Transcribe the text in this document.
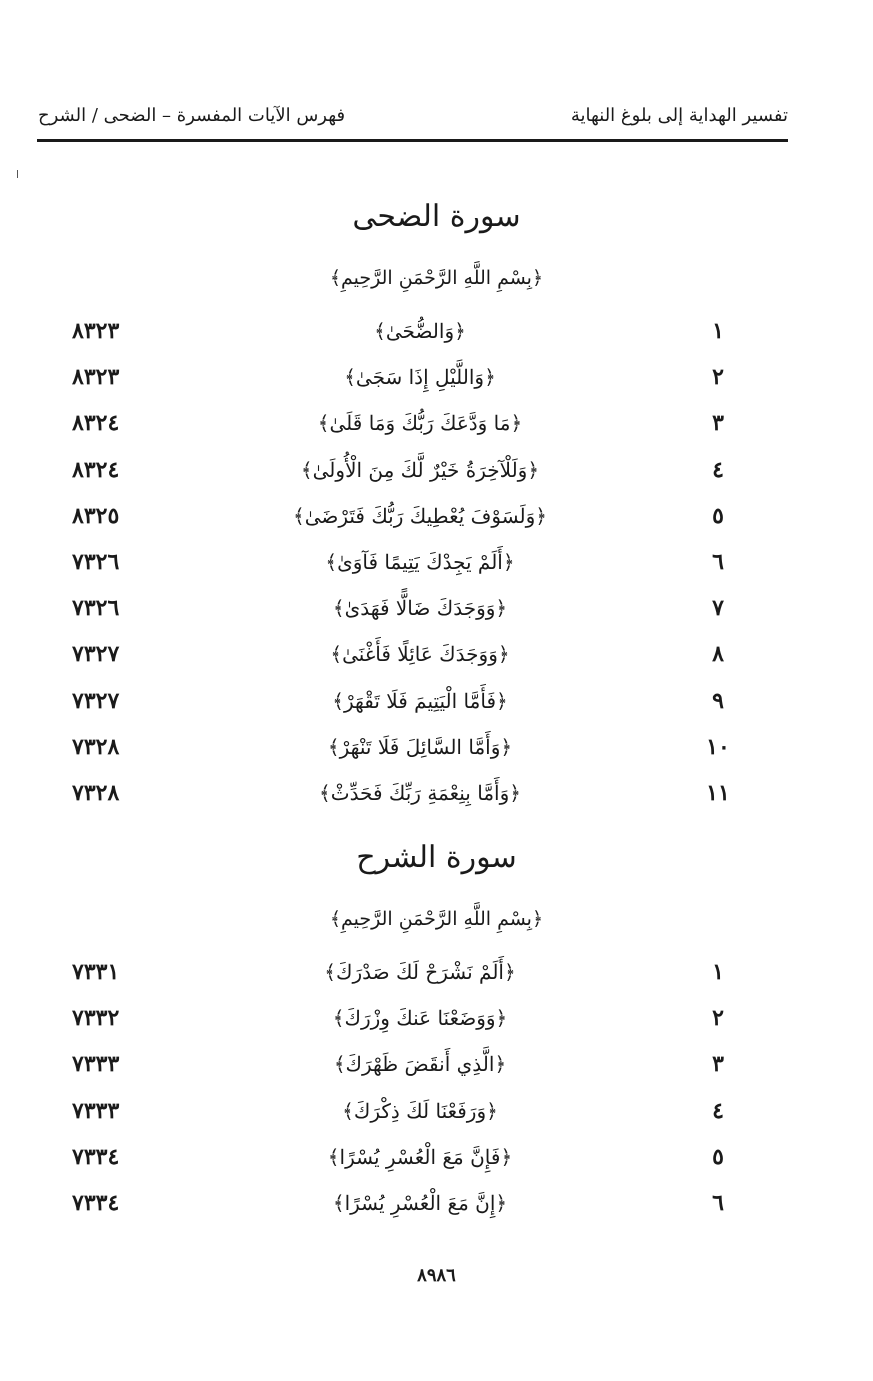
تفسير الهداية إلى بلوغ النهاية
فهرس الآيات المفسرة – الضحى / الشرح
سورة الضحى
﴿بِسْمِ اللَّهِ الرَّحْمَنِ الرَّحِيمِ﴾
١
﴿وَالضُّحَىٰ﴾
٨٣٢٣
٢
﴿وَاللَّيْلِ إِذَا سَجَىٰ﴾
٨٣٢٣
٣
﴿مَا وَدَّعَكَ رَبُّكَ وَمَا قَلَىٰ﴾
٨٣٢٤
٤
﴿وَلَلْآخِرَةُ خَيْرٌ لَّكَ مِنَ الْأُولَىٰ﴾
٨٣٢٤
٥
﴿وَلَسَوْفَ يُعْطِيكَ رَبُّكَ فَتَرْضَىٰ﴾
٨٣٢٥
٦
﴿أَلَمْ يَجِدْكَ يَتِيمًا فَآوَىٰ﴾
٧٣٢٦
٧
﴿وَوَجَدَكَ ضَالًّا فَهَدَىٰ﴾
٧٣٢٦
٨
﴿وَوَجَدَكَ عَائِلًا فَأَغْنَىٰ﴾
٧٣٢٧
٩
﴿فَأَمَّا الْيَتِيمَ فَلَا تَقْهَرْ﴾
٧٣٢٧
١٠
﴿وَأَمَّا السَّائِلَ فَلَا تَنْهَرْ﴾
٧٣٢٨
١١
﴿وَأَمَّا بِنِعْمَةِ رَبِّكَ فَحَدِّثْ﴾
٧٣٢٨
سورة الشرح
﴿بِسْمِ اللَّهِ الرَّحْمَنِ الرَّحِيمِ﴾
١
﴿أَلَمْ نَشْرَحْ لَكَ صَدْرَكَ﴾
٧٣٣١
٢
﴿وَوَضَعْنَا عَنكَ وِزْرَكَ﴾
٧٣٣٢
٣
﴿الَّذِي أَنقَضَ ظَهْرَكَ﴾
٧٣٣٣
٤
﴿وَرَفَعْنَا لَكَ ذِكْرَكَ﴾
٧٣٣٣
٥
﴿فَإِنَّ مَعَ الْعُسْرِ يُسْرًا﴾
٧٣٣٤
٦
﴿إِنَّ مَعَ الْعُسْرِ يُسْرًا﴾
٧٣٣٤
٨٩٨٦
